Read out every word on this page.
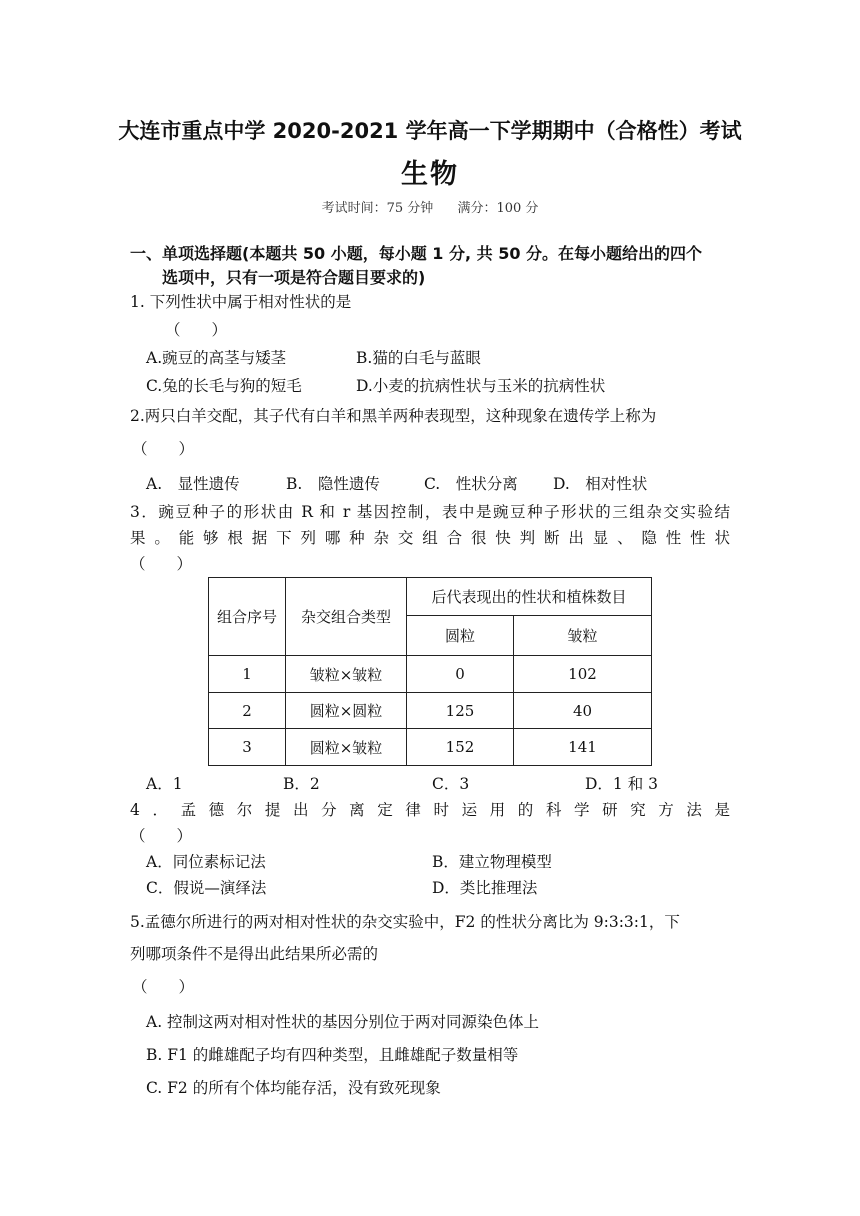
大连市重点中学 2020-2021 学年高一下学期期中（合格性）考试
生物
考试时间：75 分钟 满分：100 分
一、单项选择题(本题共 50 小题，每小题 1 分, 共 50 分。在每小题给出的四个
选项中，只有一项是符合题目要求的)
1. 下列性状中属于相对性状的是
（　　）
A.豌豆的高茎与矮茎	B.猫的白毛与蓝眼
C.兔的长毛与狗的短毛	D.小麦的抗病性状与玉米的抗病性状
2.两只白羊交配，其子代有白羊和黑羊两种表现型，这种现象在遗传学上称为
（　　）
A.　显性遗传	B.　隐性遗传	C.　性状分离 D.　相对性状
3．豌豆种子的形状由 R 和 r 基因控制，表中是豌豆种子形状的三组杂交实验结
果。能够根据下列哪种杂交组合很快判断出显、隐性性状
（　　）
组合序号	杂交组合类型	后代表现出的性状和植株数目	
		圆粒	皱粒
1	皱粒×皱粒	0	102
2	圆粒×圆粒	125	40
3	圆粒×皱粒	152	141
A．1	B．2	C．3	D．1 和 3
4．孟德尔提出分离定律时运用的科学研究方法是
（　　）
A．同位素标记法	B．建立物理模型
C．假说—演绎法	D．类比推理法
5.孟德尔所进行的两对相对性状的杂交实验中，F2 的性状分离比为 9:3:3:1，下
列哪项条件不是得出此结果所必需的
（　　）
A. 控制这两对相对性状的基因分别位于两对同源染色体上
B. F1 的雌雄配子均有四种类型，且雌雄配子数量相等
C. F2 的所有个体均能存活，没有致死现象
